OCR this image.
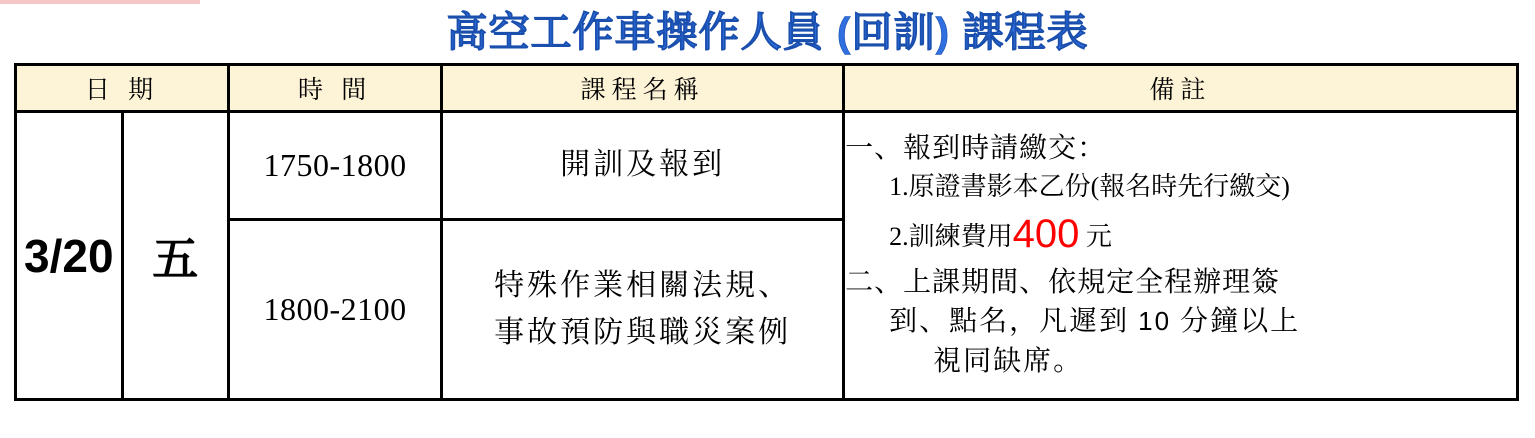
高空工作車操作人員 (回訓) 課程表
日 期		時 間	課程名稱	備註
3/20	五	1750-1800	開訓及報到	一、報到時請繳交：
1.原證書影本乙份(報名時先行繳交)
2.訓練費用400 元
二、上課期間、依規定全程辦理簽
到、點名，凡遲到 10 分鐘以上
視同缺席。

		1800-2100	特殊作業相關法規、
事故預防與職災案例	
